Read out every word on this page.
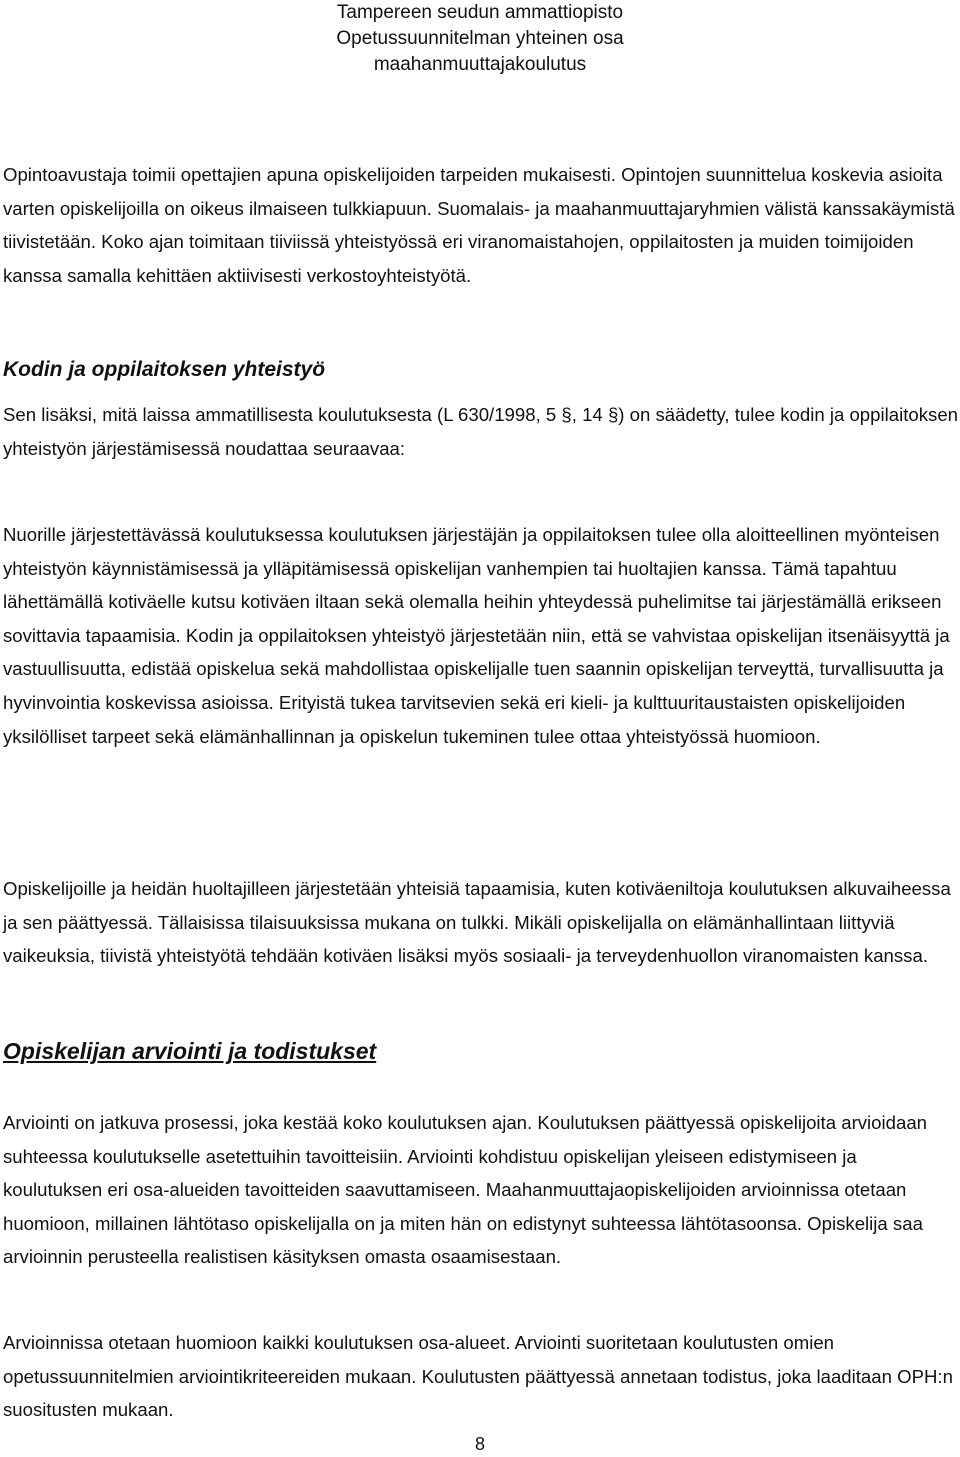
Tampereen seudun ammattiopisto
Opetussuunnitelman yhteinen osa
maahanmuuttajakoulutus

Opintoavustaja toimii opettajien apuna opiskelijoiden tarpeiden mukaisesti. Opintojen suunnittelua koskevia asioita varten opiskelijoilla on oikeus ilmaiseen tulkkiapuun. Suomalais- ja maahanmuuttajaryhmien välistä kanssakäymistä tiivistetään. Koko ajan toimitaan tiiviissä yhteistyössä eri viranomaistahojen, oppilaitosten ja muiden toimijoiden kanssa samalla kehittäen aktiivisesti verkostoyhteistyötä.

Kodin ja oppilaitoksen yhteistyö

Sen lisäksi, mitä laissa ammatillisesta koulutuksesta (L 630/1998, 5 §, 14 §) on säädetty, tulee kodin ja oppilaitoksen yhteistyön järjestämisessä noudattaa seuraavaa:

Nuorille järjestettävässä koulutuksessa koulutuksen järjestäjän ja oppilaitoksen tulee olla aloitteellinen myönteisen yhteistyön käynnistämisessä ja ylläpitämisessä opiskelijan vanhempien tai huoltajien kanssa. Tämä tapahtuu lähettämällä kotiväelle kutsu kotiväen iltaan sekä olemalla heihin yhteydessä puhelimitse tai järjestämällä erikseen sovittavia tapaamisia. Kodin ja oppilaitoksen yhteistyö järjestetään niin, että se vahvistaa opiskelijan itsenäisyyttä ja vastuullisuutta, edistää opiskelua sekä mahdollistaa opiskelijalle tuen saannin opiskelijan terveyttä, turvallisuutta ja hyvinvointia koskevissa asioissa. Erityistä tukea tarvitsevien sekä eri kieli- ja kulttuuritaustaisten opiskelijoiden yksilölliset tarpeet sekä elämänhallinnan ja opiskelun tukeminen tulee ottaa yhteistyössä huomioon.

Opiskelijoille ja heidän huoltajilleen järjestetään yhteisiä tapaamisia, kuten kotiväeniltoja koulutuksen alkuvaiheessa ja sen päättyessä. Tällaisissa tilaisuuksissa mukana on tulkki. Mikäli opiskelijalla on elämänhallintaan liittyviä vaikeuksia, tiivistä yhteistyötä tehdään kotiväen lisäksi myös sosiaali- ja terveydenhuollon viranomaisten kanssa.

Opiskelijan arviointi ja todistukset

Arviointi on jatkuva prosessi, joka kestää koko koulutuksen ajan. Koulutuksen päättyessä opiskelijoita arvioidaan suhteessa koulutukselle asetettuihin tavoitteisiin. Arviointi kohdistuu opiskelijan yleiseen edistymiseen ja koulutuksen eri osa-alueiden tavoitteiden saavuttamiseen. Maahanmuuttajaopiskelijoiden arvioinnissa otetaan huomioon, millainen lähtötaso opiskelijalla on ja miten hän on edistynyt suhteessa lähtötasoonsa. Opiskelija saa arvioinnin perusteella realistisen käsityksen omasta osaamisestaan.

Arvioinnissa otetaan huomioon kaikki koulutuksen osa-alueet. Arviointi suoritetaan koulutusten omien opetussuunnitelmien arviointikriteereiden mukaan. Koulutusten päättyessä annetaan todistus, joka laaditaan OPH:n suositusten mukaan.

8
